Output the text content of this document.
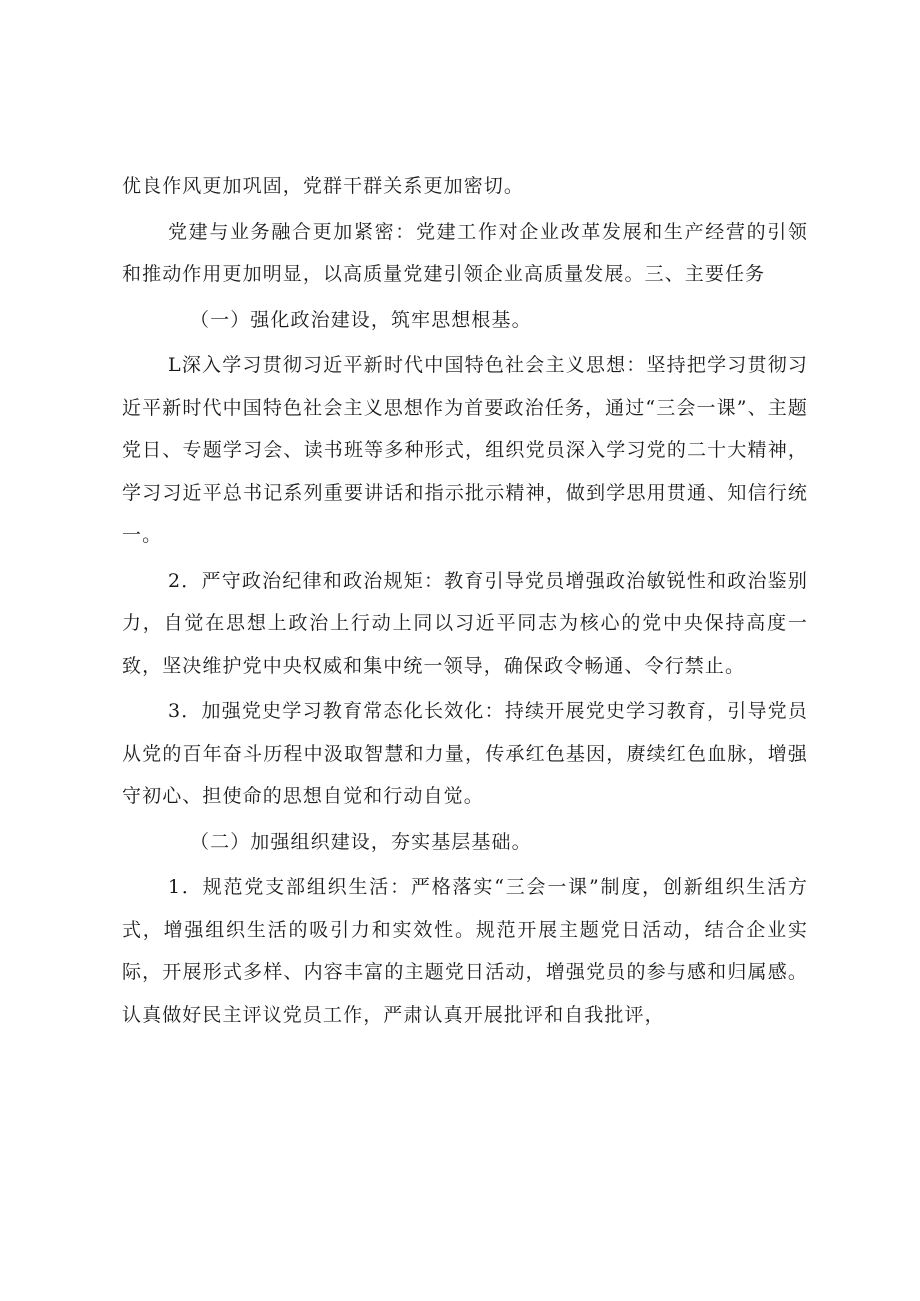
优良作风更加巩固，党群干群关系更加密切。

党建与业务融合更加紧密：党建工作对企业改革发展和生产经营的引领和推动作用更加明显，以高质量党建引领企业高质量发展。三、主要任务

（一）强化政治建设，筑牢思想根基。

L深入学习贯彻习近平新时代中国特色社会主义思想：坚持把学习贯彻习近平新时代中国特色社会主义思想作为首要政治任务，通过“三会一课”、主题党日、专题学习会、读书班等多种形式，组织党员深入学习党的二十大精神，学习习近平总书记系列重要讲话和指示批示精神，做到学思用贯通、知信行统一。

2．严守政治纪律和政治规矩：教育引导党员增强政治敏锐性和政治鉴别力，自觉在思想上政治上行动上同以习近平同志为核心的党中央保持高度一致，坚决维护党中央权威和集中统一领导，确保政令畅通、令行禁止。

3．加强党史学习教育常态化长效化：持续开展党史学习教育，引导党员从党的百年奋斗历程中汲取智慧和力量，传承红色基因，赓续红色血脉，增强守初心、担使命的思想自觉和行动自觉。

（二）加强组织建设，夯实基层基础。

1．规范党支部组织生活：严格落实“三会一课”制度，创新组织生活方式，增强组织生活的吸引力和实效性。规范开展主题党日活动，结合企业实际，开展形式多样、内容丰富的主题党日活动，增强党员的参与感和归属感。认真做好民主评议党员工作，严肃认真开展批评和自我批评，
